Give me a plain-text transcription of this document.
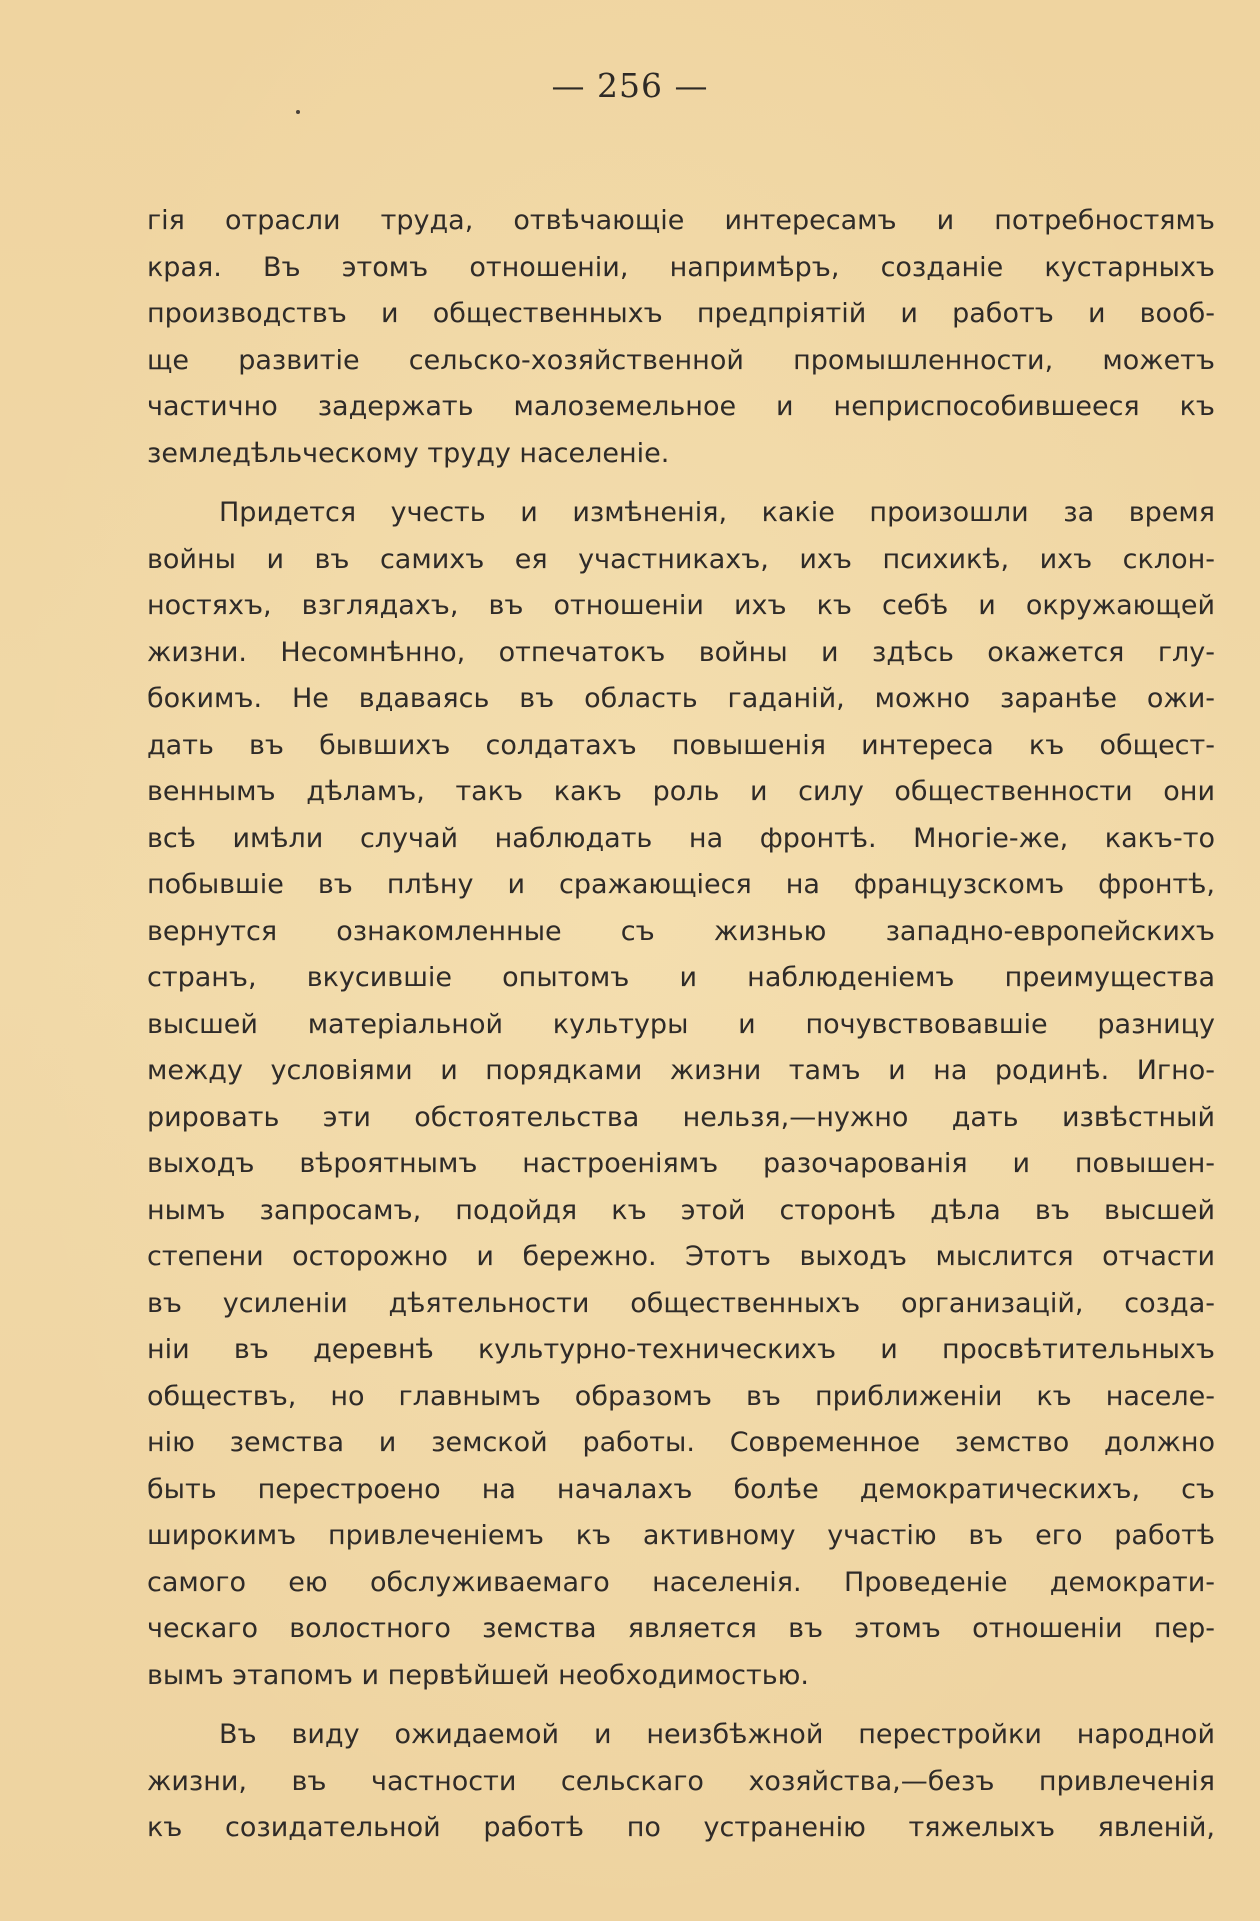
— 256 —
гія отрасли труда, отвѣчающіе интересамъ и потребностямъ
края. Въ этомъ отношеніи, напримѣръ, созданіе кустарныхъ
производствъ и общественныхъ предпріятій и работъ и вооб-
ще развитіе сельско-хозяйственной промышленности, можетъ
частично задержать малоземельное и неприспособившееся къ
земледѣльческому труду населеніе.
Придется учесть и измѣненія, какіе произошли за время
войны и въ самихъ ея участникахъ, ихъ психикѣ, ихъ склон-
ностяхъ, взглядахъ, въ отношеніи ихъ къ себѣ и окружающей
жизни. Несомнѣнно, отпечатокъ войны и здѣсь окажется глу-
бокимъ. Не вдаваясь въ область гаданій, можно заранѣе ожи-
дать въ бывшихъ солдатахъ повышенія интереса къ общест-
веннымъ дѣламъ, такъ какъ роль и силу общественности они
всѣ имѣли случай наблюдать на фронтѣ. Многіе-же, какъ-то
побывшіе въ плѣну и сражающіеся на французскомъ фронтѣ,
вернутся ознакомленные съ жизнью западно-европейскихъ
странъ, вкусившіе опытомъ и наблюденіемъ преимущества
высшей матеріальной культуры и почувствовавшіе разницу
между условіями и порядками жизни тамъ и на родинѣ. Игно-
рировать эти обстоятельства нельзя,—нужно дать извѣстный
выходъ вѣроятнымъ настроеніямъ разочарованія и повышен-
нымъ запросамъ, подойдя къ этой сторонѣ дѣла въ высшей
степени осторожно и бережно. Этотъ выходъ мыслится отчасти
въ усиленіи дѣятельности общественныхъ организацій, созда-
ніи въ деревнѣ культурно-техническихъ и просвѣтительныхъ
обществъ, но главнымъ образомъ въ приближеніи къ населе-
нію земства и земской работы. Современное земство должно
быть перестроено на началахъ болѣе демократическихъ, съ
широкимъ привлеченіемъ къ активному участію въ его работѣ
самого ею обслуживаемаго населенія. Проведеніе демократи-
ческаго волостного земства является въ этомъ отношеніи пер-
вымъ этапомъ и первѣйшей необходимостью.
Въ виду ожидаемой и неизбѣжной перестройки народной
жизни, въ частности сельскаго хозяйства,—безъ привлеченія
къ созидательной работѣ по устраненію тяжелыхъ явленій,
